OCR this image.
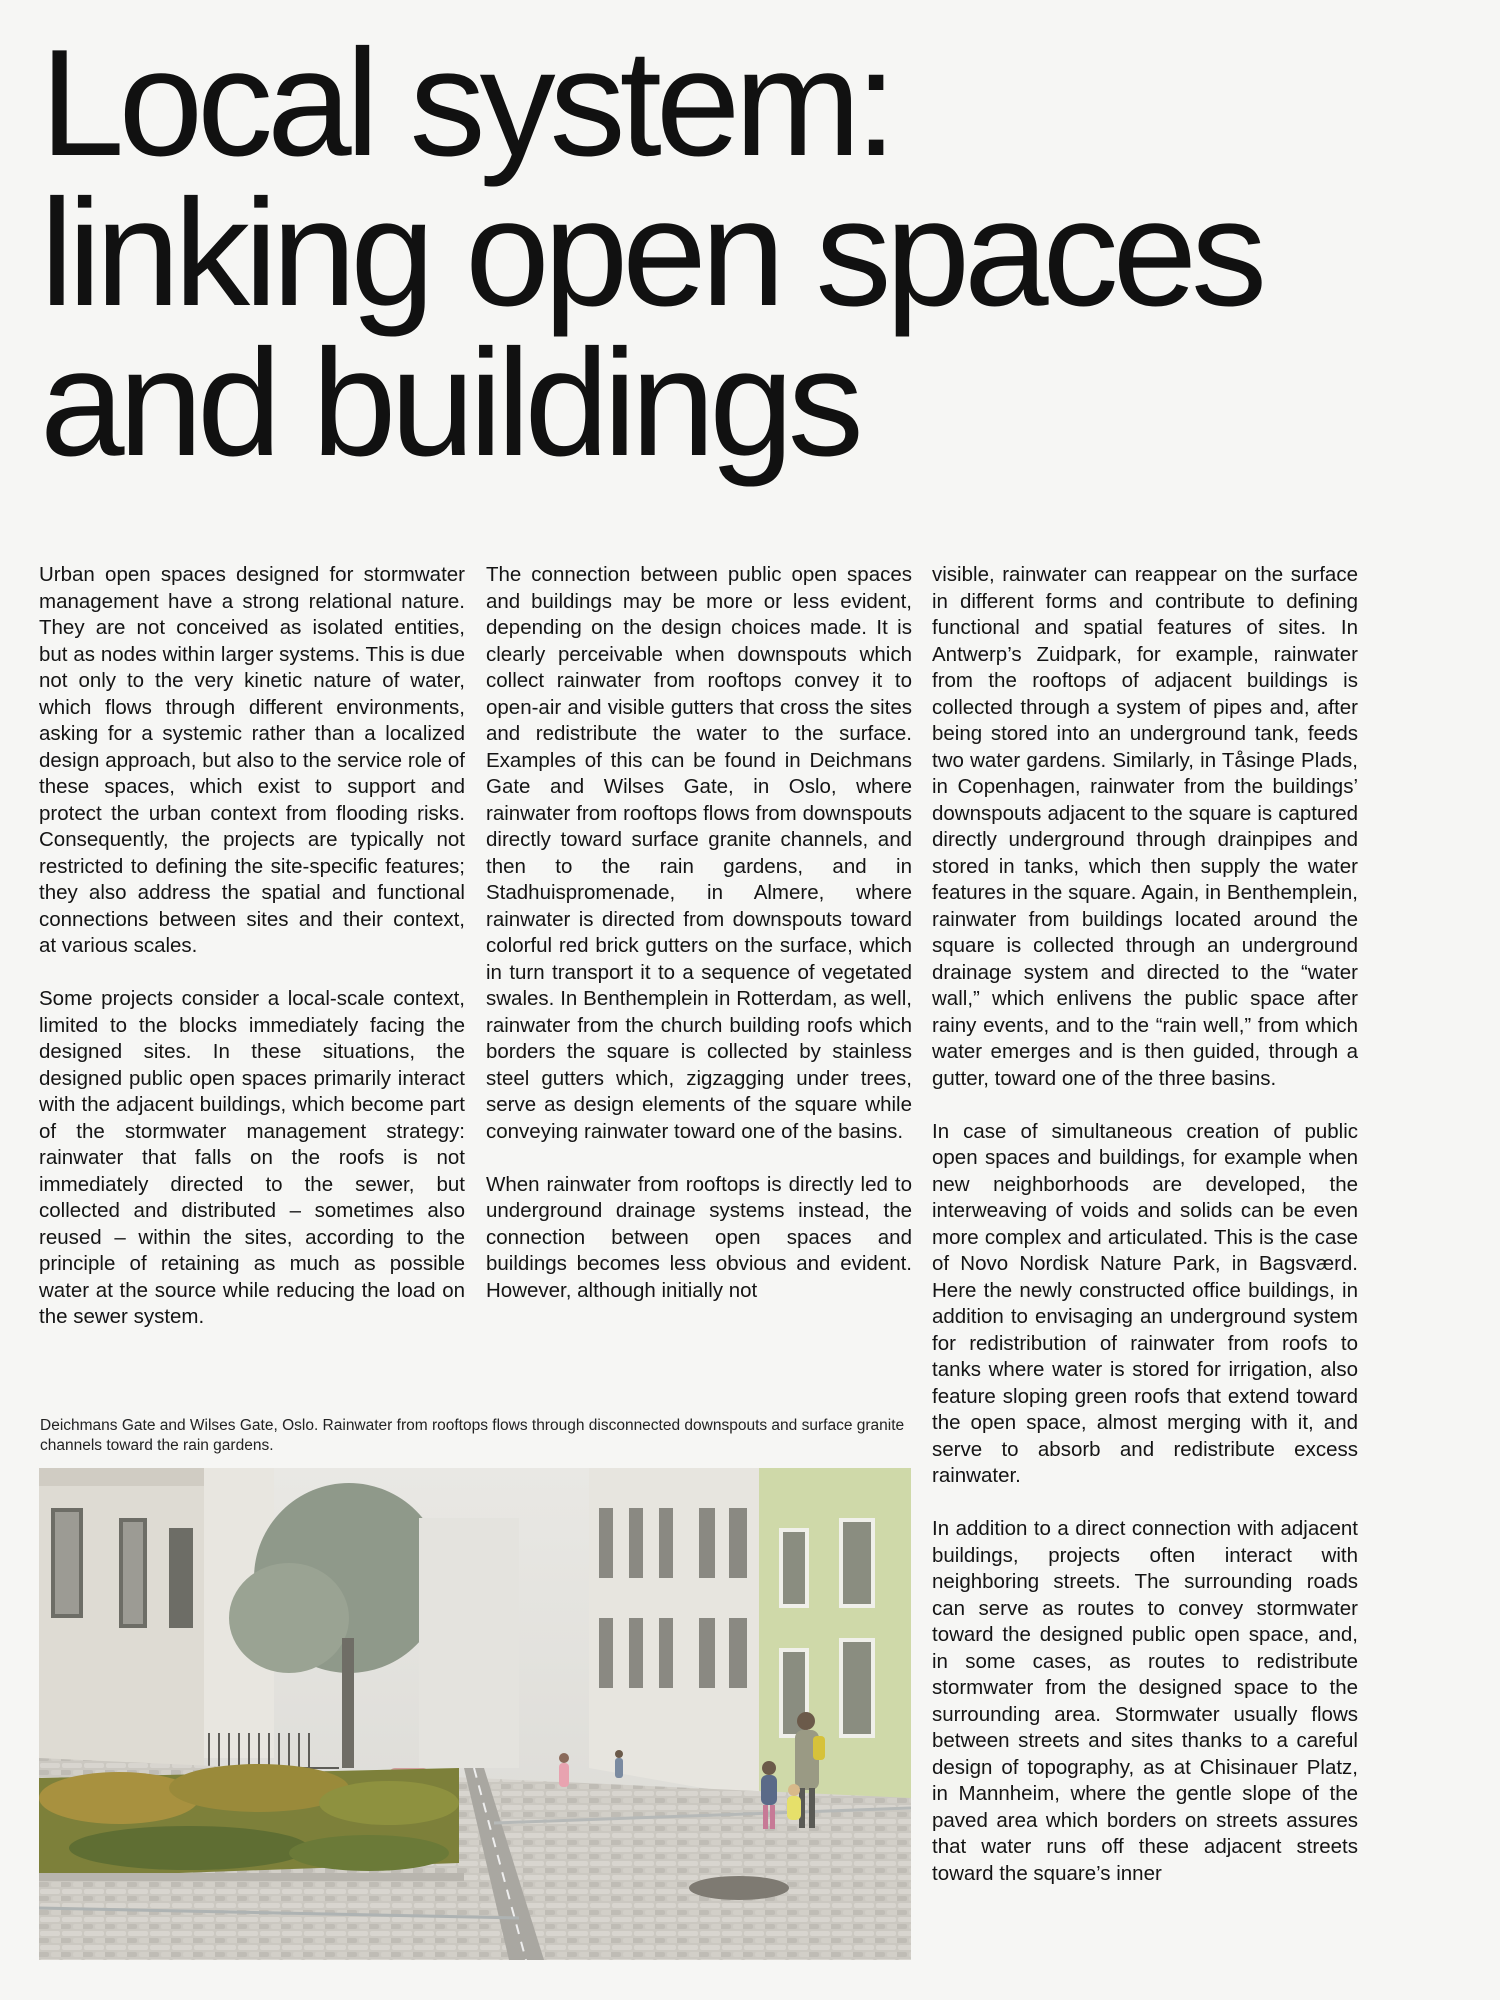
Local system:
linking open spaces
and buildings

Urban open spaces designed for stormwater management have a strong relational nature. They are not conceived as isolated entities, but as nodes within larger systems. This is due not only to the very kinetic nature of water, which flows through different environments, asking for a systemic rather than a localized design approach, but also to the service role of these spaces, which exist to support and protect the urban context from flooding risks. Consequently, the projects are typically not restricted to defining the site-specific features; they also address the spatial and functional connections between sites and their context, at various scales.

Some projects consider a local-scale context, limited to the blocks immediately facing the designed sites. In these situations, the designed public open spaces primarily interact with the adjacent buildings, which become part of the stormwater management strategy: rainwater that falls on the roofs is not immediately directed to the sewer, but collected and distributed – sometimes also reused – within the sites, according to the principle of retaining as much as possible water at the source while reducing the load on the sewer system.

The connection between public open spaces and buildings may be more or less evident, depending on the design choices made. It is clearly perceivable when downspouts which collect rainwater from rooftops convey it to open-air and visible gutters that cross the sites and redistribute the water to the surface. Examples of this can be found in Deichmans Gate and Wilses Gate, in Oslo, where rainwater from rooftops flows from downspouts directly toward surface granite channels, and then to the rain gardens, and in Stadhuispromenade, in Almere, where rainwater is directed from downspouts toward colorful red brick gutters on the surface, which in turn transport it to a sequence of vegetated swales. In Benthemplein in Rotterdam, as well, rainwater from the church building roofs which borders the square is collected by stainless steel gutters which, zigzagging under trees, serve as design elements of the square while conveying rainwater toward one of the basins.

When rainwater from rooftops is directly led to underground drainage systems instead, the connection between open spaces and buildings becomes less obvious and evident. However, although initially not

visible, rainwater can reappear on the surface in different forms and contribute to defining functional and spatial features of sites. In Antwerp’s Zuidpark, for example, rainwater from the rooftops of adjacent buildings is collected through a system of pipes and, after being stored into an underground tank, feeds two water gardens. Similarly, in Tåsinge Plads, in Copenhagen, rainwater from the buildings’ downspouts adjacent to the square is captured directly underground through drainpipes and stored in tanks, which then supply the water features in the square. Again, in Benthemplein, rainwater from buildings located around the square is collected through an underground drainage system and directed to the “water wall,” which enlivens the public space after rainy events, and to the “rain well,” from which water emerges and is then guided, through a gutter, toward one of the three basins.

In case of simultaneous creation of public open spaces and buildings, for example when new neighborhoods are developed, the interweaving of voids and solids can be even more complex and articulated. This is the case of Novo Nordisk Nature Park, in Bagsværd. Here the newly constructed office buildings, in addition to envisaging an underground system for redistribution of rainwater from roofs to tanks where water is stored for irrigation, also feature sloping green roofs that extend toward the open space, almost merging with it, and serve to absorb and redistribute excess rainwater.

In addition to a direct connection with adjacent buildings, projects often interact with neighboring streets. The surrounding roads can serve as routes to convey stormwater toward the designed public open space, and, in some cases, as routes to redistribute stormwater from the designed space to the surrounding area. Stormwater usually flows between streets and sites thanks to a careful design of topography, as at Chisinauer Platz, in Mannheim, where the gentle slope of the paved area which borders on streets assures that water runs off these adjacent streets toward the square’s inner

Deichmans Gate and Wilses Gate, Oslo. Rainwater from rooftops flows through disconnected downspouts and surface granite channels toward the rain gardens.
